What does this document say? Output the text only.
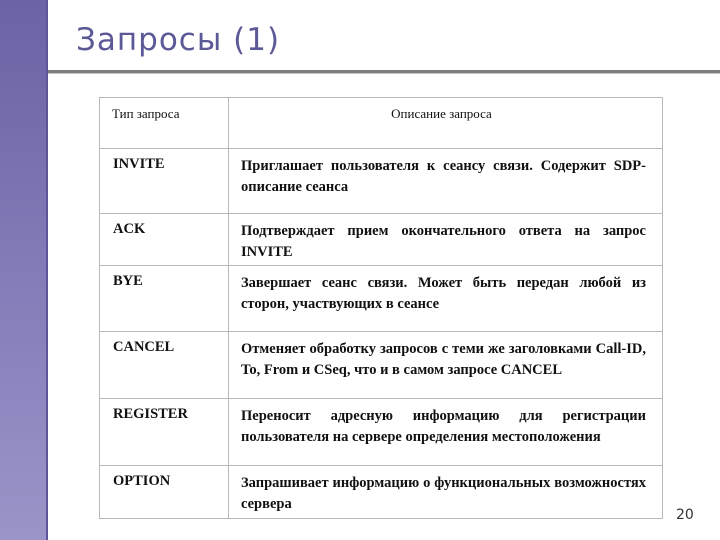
Запросы (1)
Тип запроса	Описание запроса
INVITE	Приглашает пользователя к сеансу связи. Содержит SDP-описание сеанса
ACK	Подтверждает прием окончательного ответа на запрос INVITE
BYE	Завершает сеанс связи. Может быть передан любой из сторон, участвующих в сеансе
CANCEL	Отменяет обработку запросов с теми же заголовками Call-ID, To, From и CSeq, что и в самом запросе CANCEL
REGISTER	Переносит адресную информацию для регистрации пользователя на сервере определения местоположения
OPTION	Запрашивает информацию о функциональных возможностях сервера
20
